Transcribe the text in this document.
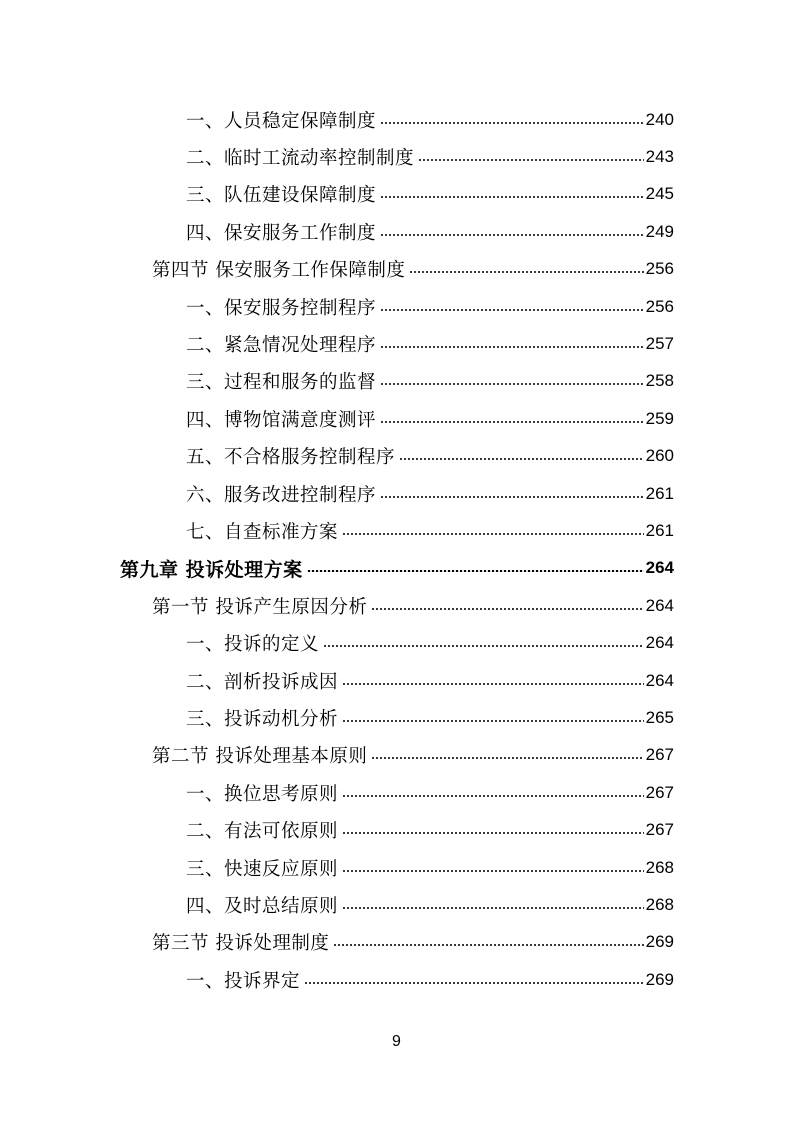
一、人员稳定保障制度	240
二、临时工流动率控制制度	243
三、队伍建设保障制度	245
四、保安服务工作制度	249
第四节 保安服务工作保障制度	256
一、保安服务控制程序	256
二、紧急情况处理程序	257
三、过程和服务的监督	258
四、博物馆满意度测评	259
五、不合格服务控制程序	260
六、服务改进控制程序	261
七、自查标准方案	261
第九章 投诉处理方案	264
第一节 投诉产生原因分析	264
一、投诉的定义	264
二、剖析投诉成因	264
三、投诉动机分析	265
第二节 投诉处理基本原则	267
一、换位思考原则	267
二、有法可依原则	267
三、快速反应原则	268
四、及时总结原则	268
第三节 投诉处理制度	269
一、投诉界定	269
9
